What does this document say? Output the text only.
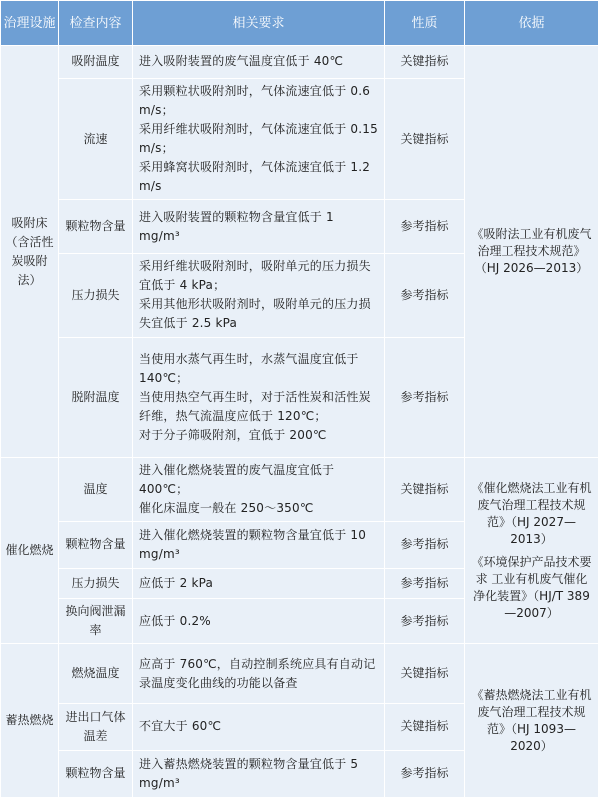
治理设施	检查内容	相关要求	性质	依据
吸附床（含活性炭吸附法）	吸附温度	进入吸附装置的废气温度宜低于 40℃	关键指标	《吸附法工业有机废气治理工程技术规范》（HJ 2026—2013）

	流速	采用颗粒状吸附剂时，气体流速宜低于 0.6 m/s；
采用纤维状吸附剂时，气体流速宜低于 0.15 m/s；
采用蜂窝状吸附剂时，气体流速宜低于 1.2 m/s	关键指标	
	颗粒物含量	进入吸附装置的颗粒物含量宜低于 1 mg/m³	参考指标	
	压力损失	采用纤维状吸附剂时，吸附单元的压力损失宜低于 4 kPa；
采用其他形状吸附剂时，吸附单元的压力损失宜低于 2.5 kPa	参考指标	
	脱附温度	当使用水蒸气再生时，水蒸气温度宜低于 140℃；
当使用热空气再生时，对于活性炭和活性炭纤维，热气流温度应低于 120℃；
对于分子筛吸附剂，宜低于 200℃	参考指标	
催化燃烧	温度	进入催化燃烧装置的废气温度宜低于 400℃；
催化床温度一般在 250～350℃	关键指标	《催化燃烧法工业有机废气治理工程技术规范》（HJ 2027—2013）
《环境保护产品技术要求 工业有机废气催化净化装置》（HJ/T 389—2007）

	颗粒物含量	进入催化燃烧装置的颗粒物含量宜低于 10 mg/m³	参考指标	
	压力损失	应低于 2 kPa	参考指标	
	换向阀泄漏率	应低于 0.2%	参考指标	
蓄热燃烧	燃烧温度	应高于 760℃，自动控制系统应具有自动记录温度变化曲线的功能以备查	关键指标	《蓄热燃烧法工业有机废气治理工程技术规范》（HJ 1093—2020）

	进出口气体温差	不宜大于 60℃	关键指标	
	颗粒物含量	进入蓄热燃烧装置的颗粒物含量宜低于 5 mg/m³	参考指标	
